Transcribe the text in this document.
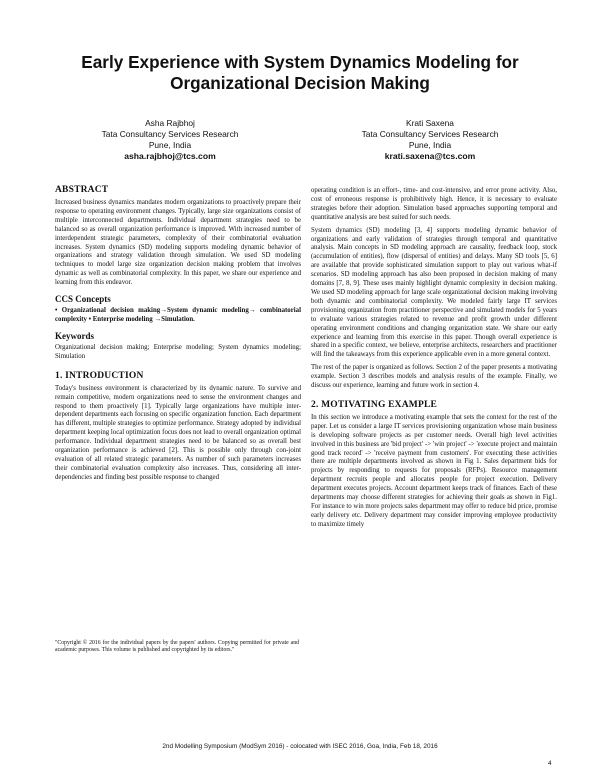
Early Experience with System Dynamics Modeling for Organizational Decision Making
Asha Rajbhoj
Tata Consultancy Services Research
Pune, India
asha.rajbhoj@tcs.com
Krati Saxena
Tata Consultancy Services Research
Pune, India
krati.saxena@tcs.com
ABSTRACT

Increased business dynamics mandates modern organizations to proactively prepare their response to operating environment changes. Typically, large size organizations consist of multiple interconnected departments. Individual department strategies need to be balanced so as overall organization performance is improved. With increased number of interdependent strategic parameters, complexity of their combinatorial evaluation increases. System dynamics (SD) modeling supports modeling dynamic behavior of organizations and strategy validation through simulation. We used SD modeling techniques to model large size organization decision making problem that involves dynamic as well as combinatorial complexity. In this paper, we share our experience and learning from this endeavor.

CCS Concepts

• Organizational decision making→System dynamic modeling→ combinatorial complexity • Enterprise modeling →Simulation.

Keywords

Organizational decision making; Enterprise modeling; System dynamics modeling; Simulation

1. INTRODUCTION

Today's business environment is characterized by its dynamic nature. To survive and remain competitive, modern organizations need to sense the environment changes and respond to them proactively [1]. Typically large organizations have multiple inter-dependent departments each focusing on specific organization function. Each department has different, multiple strategies to optimize performance. Strategy adopted by individual department keeping local optimization focus does not lead to overall organization optimal performance. Individual department strategies need to be balanced so as overall best organization performance is achieved [2]. This is possible only through con-joint evaluation of all related strategic parameters. As number of such parameters increases their combinatorial evaluation complexity also increases. Thus, considering all inter-dependencies and finding best possible response to changed

"Copyright © 2016 for the individual papers by the papers' authors. Copying permitted for private and academic purposes. This volume is published and copyrighted by its editors."

operating condition is an effort-, time- and cost-intensive, and error prone activity. Also, cost of erroneous response is prohibitively high. Hence, it is necessary to evaluate strategies before their adoption. Simulation based approaches supporting temporal and quantitative analysis are best suited for such needs.

System dynamics (SD) modeling [3, 4] supports modeling dynamic behavior of organizations and early validation of strategies through temporal and quantitative analysis. Main concepts in SD modeling approach are causality, feedback loop, stock (accumulation of entities), flow (dispersal of entities) and delays. Many SD tools [5, 6] are available that provide sophisticated simulation support to play out various what-if scenarios. SD modeling approach has also been proposed in decision making of many domains [7, 8, 9]. These uses mainly highlight dynamic complexity in decision making. We used SD modeling approach for large scale organizational decision making involving both dynamic and combinatorial complexity. We modeled fairly large IT services provisioning organization from practitioner perspective and simulated models for 5 years to evaluate various strategies related to revenue and profit growth under different operating environment conditions and changing organization state. We share our early experience and learning from this exercise in this paper. Though overall experience is shared in a specific context, we believe, enterprise architects, researchers and practitioner will find the takeaways from this experience applicable even in a more general context.

The rest of the paper is organized as follows. Section 2 of the paper presents a motivating example. Section 3 describes models and analysis results of the example. Finally, we discuss our experience, learning and future work in section 4.

2. MOTIVATING EXAMPLE

In this section we introduce a motivating example that sets the context for the rest of the paper. Let us consider a large IT services provisioning organization whose main business is developing software projects as per customer needs. Overall high level activities involved in this business are 'bid project' -> 'win project' -> 'execute project and maintain good track record' -> 'receive payment from customers'. For executing these activities there are multiple departments involved as shown in Fig 1. Sales department bids for projects by responding to requests for proposals (RFPs). Resource management department recruits people and allocates people for project execution. Delivery department executes projects. Account department keeps track of finances. Each of these departments may choose different strategies for achieving their goals as shown in Fig1. For instance to win more projects sales department may offer to reduce bid price, promise early delivery etc. Delivery department may consider improving employee productivity to maximize timely

2nd Modelling Symposium (ModSym 2016) - colocated with ISEC 2016, Goa, India, Feb 18, 2016
4
